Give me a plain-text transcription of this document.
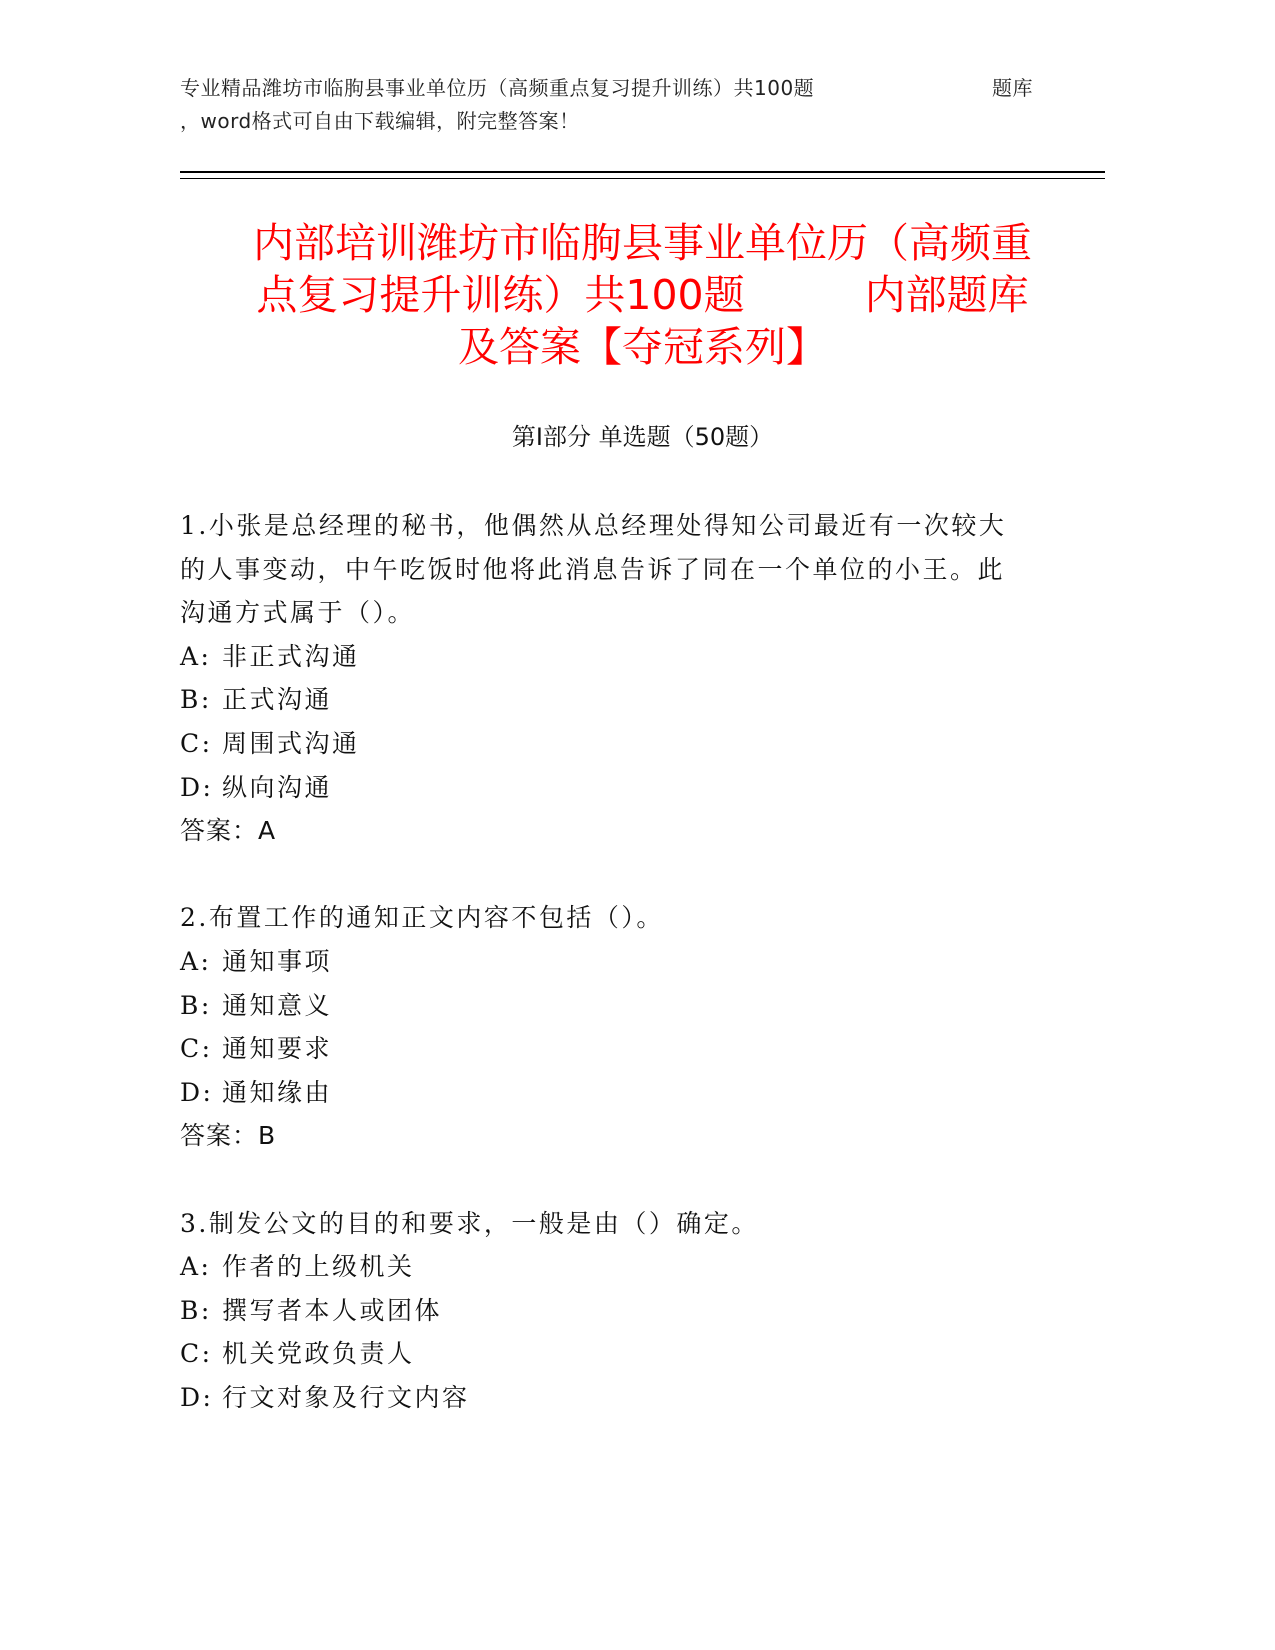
专业精品潍坊市临朐县事业单位历（高频重点复习提升训练）共100题	题库
，word格式可自由下载编辑，附完整答案！
内部培训潍坊市临朐县事业单位历（高频重
点复习提升训练）共100题	内部题库
及答案【夺冠系列】
第I部分 单选题（50题）
1.小张是总经理的秘书，他偶然从总经理处得知公司最近有一次较大的人事变动，中午吃饭时他将此消息告诉了同在一个单位的小王。此沟通方式属于（）。
A: 非正式沟通
B: 正式沟通
C: 周围式沟通
D: 纵向沟通
答案：A
2.布置工作的通知正文内容不包括（）。
A: 通知事项
B: 通知意义
C: 通知要求
D: 通知缘由
答案：B
3.制发公文的目的和要求，一般是由（）确定。
A: 作者的上级机关
B: 撰写者本人或团体
C: 机关党政负责人
D: 行文对象及行文内容
